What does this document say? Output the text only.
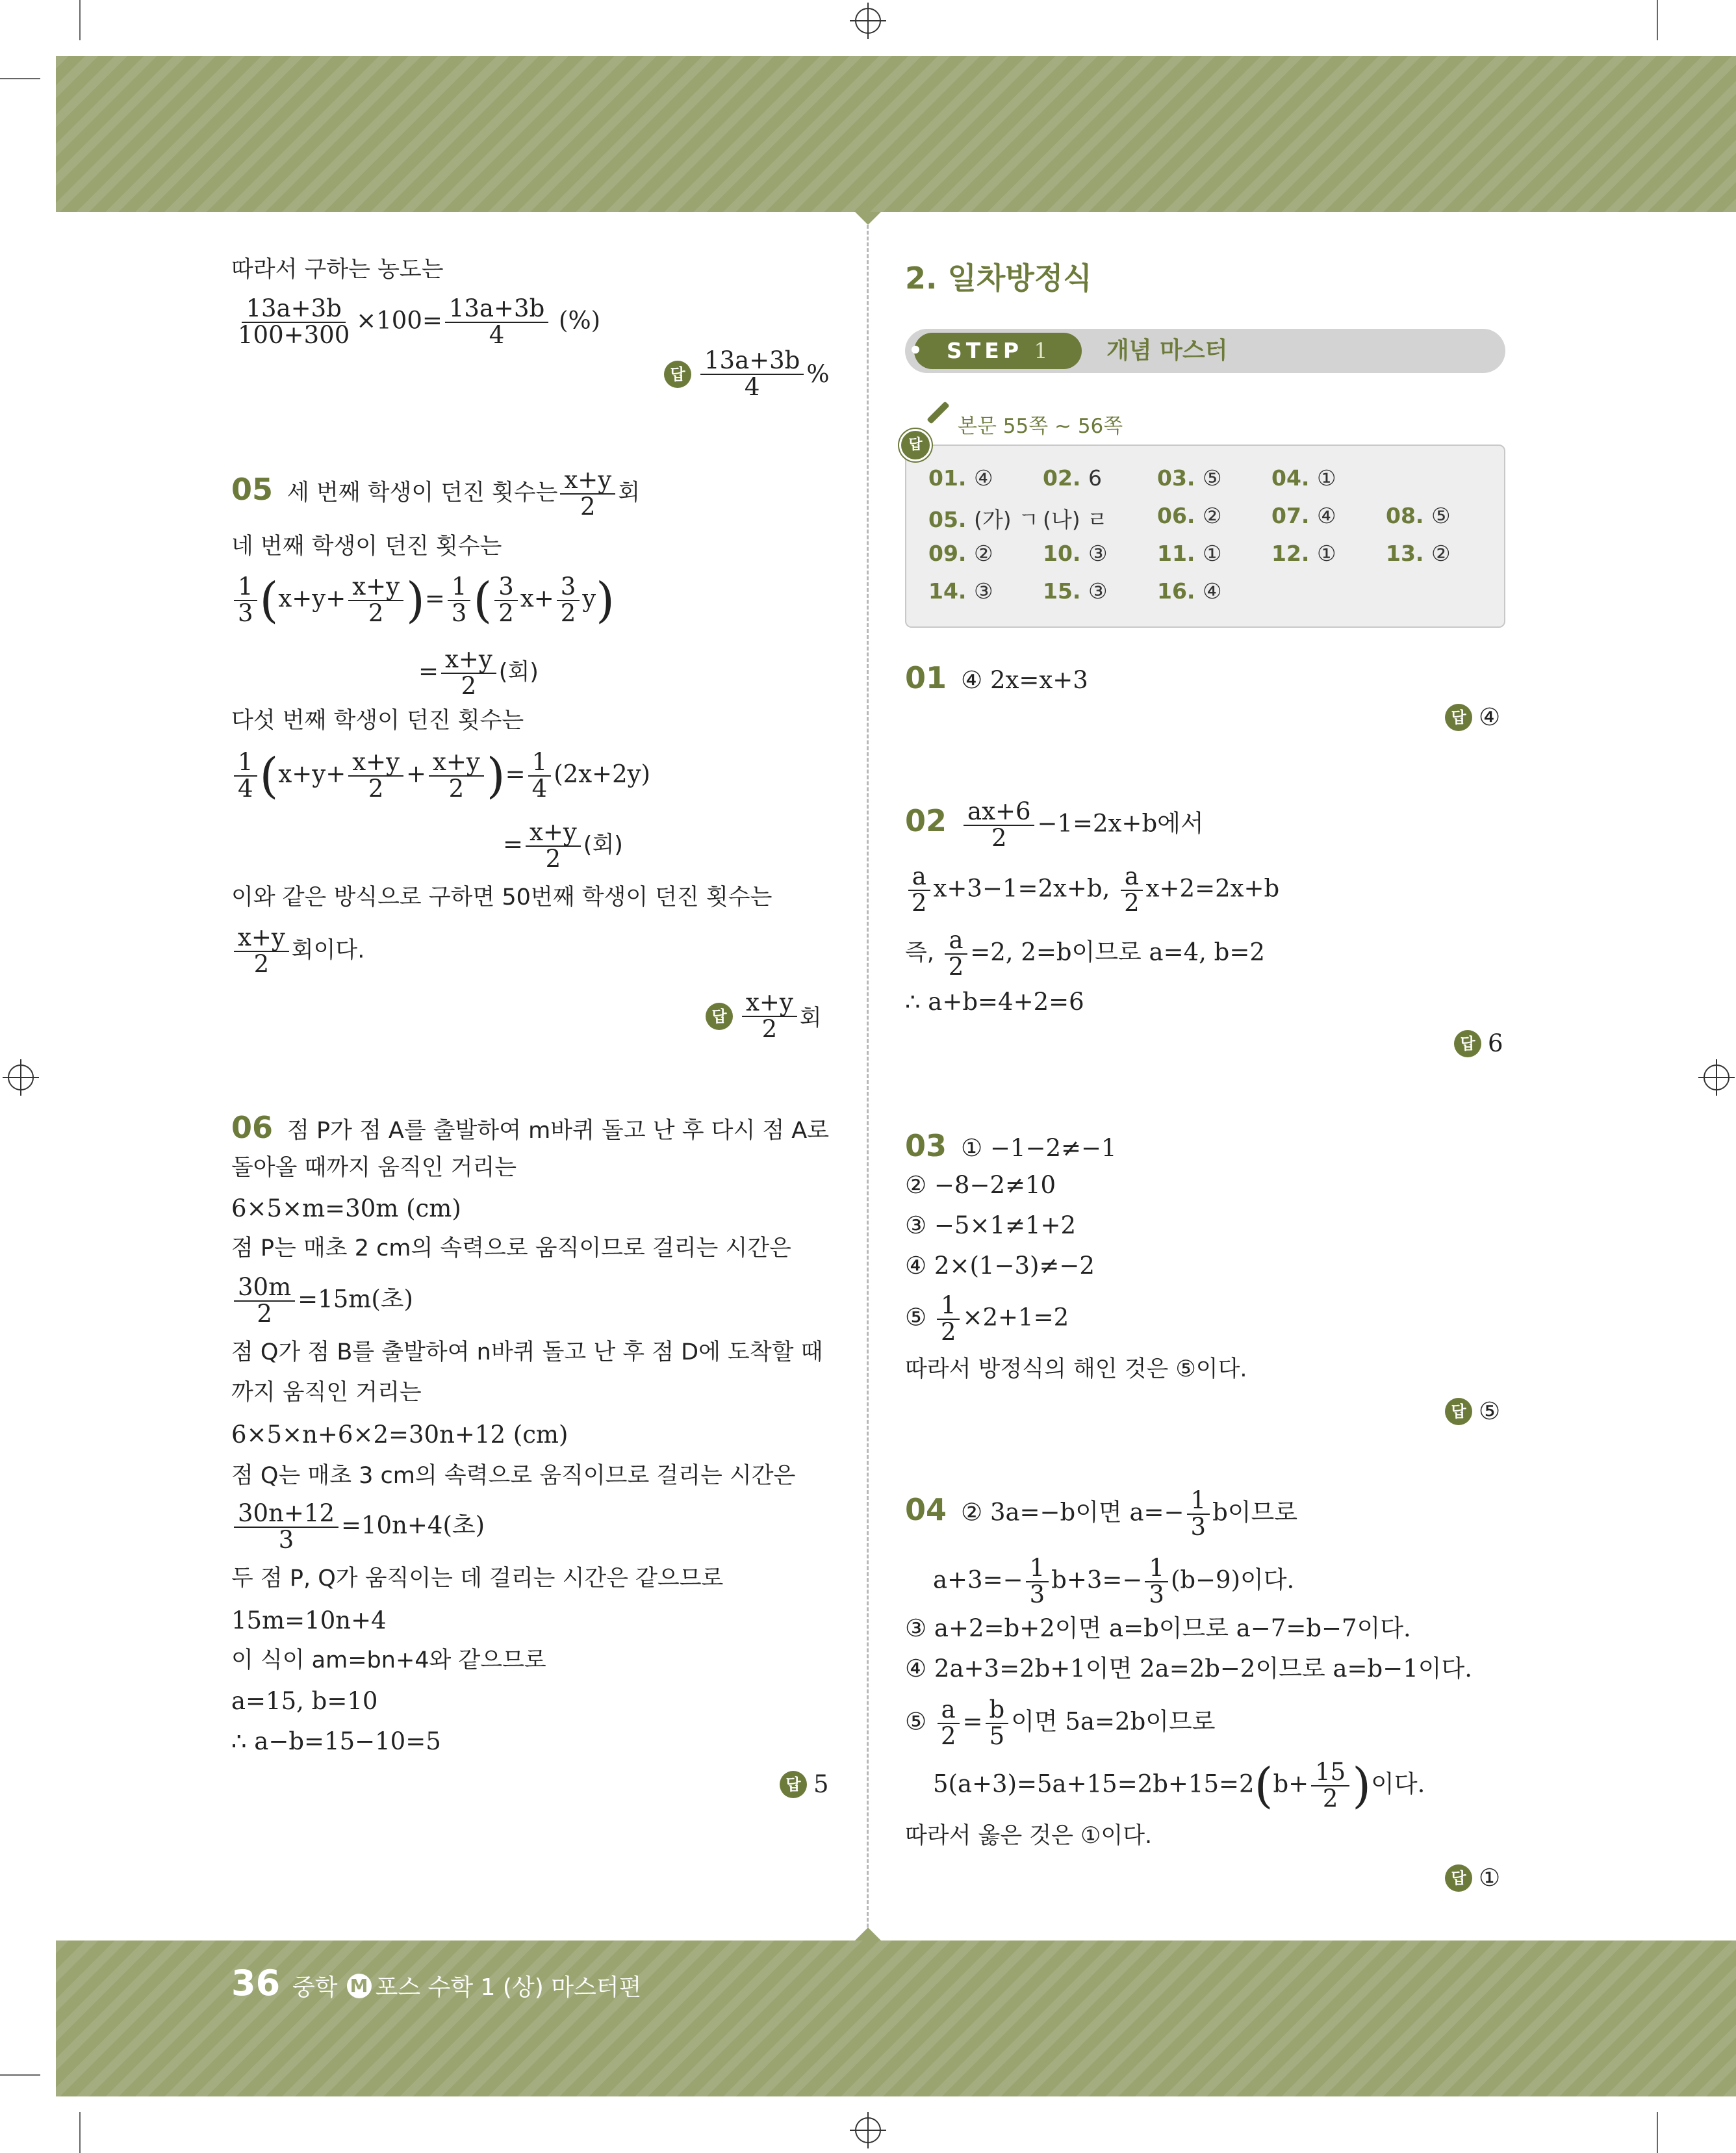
따라서 구하는 농도는
$\frac{13a+3b}{100+300} \times 100= \frac{13a+3b}{4}$ (%)
답 $\frac{13a+3b}{4}$ %
05 세 번째 학생이 던진 횟수는 $\frac{x+y}{2}$ 회
네 번째 학생이 던진 횟수는
$\frac{1}{3} (x+y+ \frac{x+y}{2}$ )= $\frac{1}{3}$ ( $\frac{3}{2} x+ \frac{3}{2} y$)
= $\frac{x+y}{2}$ (회)
다섯 번째 학생이 던진 횟수는
$\frac{1}{4} (x+y+ \frac{x+y}{2} + \frac{x+y}{2}$ )= $\frac{1}{4} (2x+2y)$
= $\frac{x+y}{2}$ (회)
이와 같은 방식으로 구하면 50번째 학생이 던진 횟수는
$\frac{x+y}{2}$ 회이다.
답 $\frac{x+y}{2}$ 회
06 점 P가 점 A를 출발하여 m바퀴 돌고 난 후 다시 점 A로
돌아올 때까지 움직인 거리는
6×5×m=30m (cm)
점 P는 매초 2 cm의 속력으로 움직이므로 걸리는 시간은
$\frac{30m}{2} =15m$(초)
점 Q가 점 B를 출발하여 n바퀴 돌고 난 후 점 D에 도착할 때
까지 움직인 거리는
6×5×n+6×2=30n+12 (cm)
점 Q는 매초 3 cm의 속력으로 움직이므로 걸리는 시간은
$\frac{30n+12}{3} =10n+4$(초)
두 점 P, Q가 움직이는 데 걸리는 시간은 같으므로
15m=10n+4
이 식이 am=bn+4와 같으므로
a=15, b=10
∴ a−b=15−10=5
답 5
2. 일차방정식
STEP 1	개념 마스터
본문 55쪽 ~ 56쪽
01. ④ 02. 6	03. ⑤ 04. ①
05. (가) ㄱ (나) ㄹ 06. ② 07. ④ 08. ⑤
09. ② 10. ③ 11. ① 12. ① 13. ②
14. ③ 15. ③ 16. ④
답
01 ④ 2x=x+3
답 ④
$02 \frac{ax+6}{2} -1=2x+b$에서
$\frac{a}{2} x+3-1=2x+b$, $\frac{a}{2} x+2=2x+b$
즉, $\frac{a}{2} =2$, 2=b이므로 a=4, b=2
∴ a+b=4+2=6
답 6
03 ① −1−2≠−1
② −8−2≠10
③ −5×1≠1+2
④ 2×(1−3)≠−2
⑤ $\frac{1}{2} \times 2+1=2$
따라서 방정식의 해인 것은 ⑤이다.
답 ⑤
04 ② 3a=−b이면 $a=- \frac{1}{3}$ b이므로
$a+3=- \frac{1}{3} b+3=- \frac{1}{3} (b-9)$이다.
③ a+2=b+2이면 a=b이므로 a−7=b−7이다.
④ 2a+3=2b+1이면 2a=2b−2이므로 a=b−1이다.
⑤ $\frac{a}{2} = \frac{b}{5}$ 이면 5a=2b이므로
$5(a+3)=5a+15=2b+15=2(b+ \frac{15}{2}$ )이다.
따라서 옳은 것은 ①이다.
답 ①
36 중학 M 포스 수학 1 (상) 마스터편
